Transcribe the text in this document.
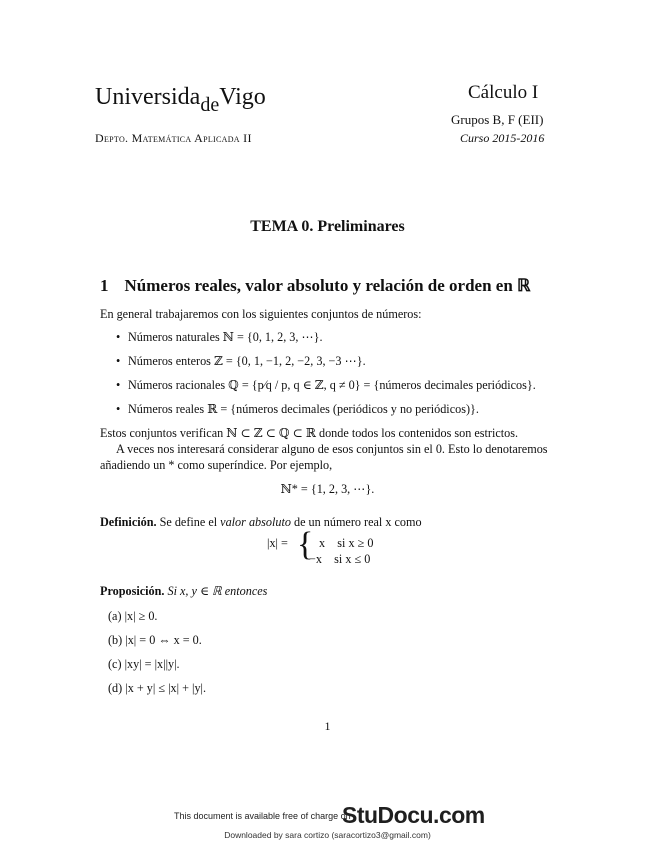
Universida$_{de}$Vigo	Cálculo I
Grupos B, F (EII)
Depto. Matemática Aplicada II	Curso 2015-2016
TEMA 0. Preliminares
1 Números reales, valor absoluto y relación de orden en ℝ
En general trabajaremos con los siguientes conjuntos de números:
• Números naturales ℕ = {0, 1, 2, 3, ⋯}.
• Números enteros ℤ = {0, 1, −1, 2, −2, 3, −3 ⋯}.
• Números racionales ℚ = {p⁄q / p, q ∈ ℤ, q ≠ 0} = {números decimales periódicos}.
• Números reales ℝ = {números decimales (periódicos y no periódicos)}.
Estos conjuntos verifican ℕ ⊂ ℤ ⊂ ℚ ⊂ ℝ donde todos los contenidos son estrictos.
A veces nos interesará considerar alguno de esos conjuntos sin el 0. Esto lo denotaremos
añadiendo un * como superíndice. Por ejemplo,
ℕ* = {1, 2, 3, ⋯}.
Definición. Se define el valor absoluto de un número real x como
|x| = { x    si x ≥ 0
−x    si x ≤ 0
Proposición. Si x, y ∈ ℝ entonces
(a) |x| ≥ 0.
(b) |x| = 0 ⇔ x = 0.
(c) |xy| = |x||y|.
(d) |x + y| ≤ |x| + |y|.
1
This document is available free of charge on
StuDocu.com
Downloaded by sara cortizo (saracortizo3@gmail.com)
